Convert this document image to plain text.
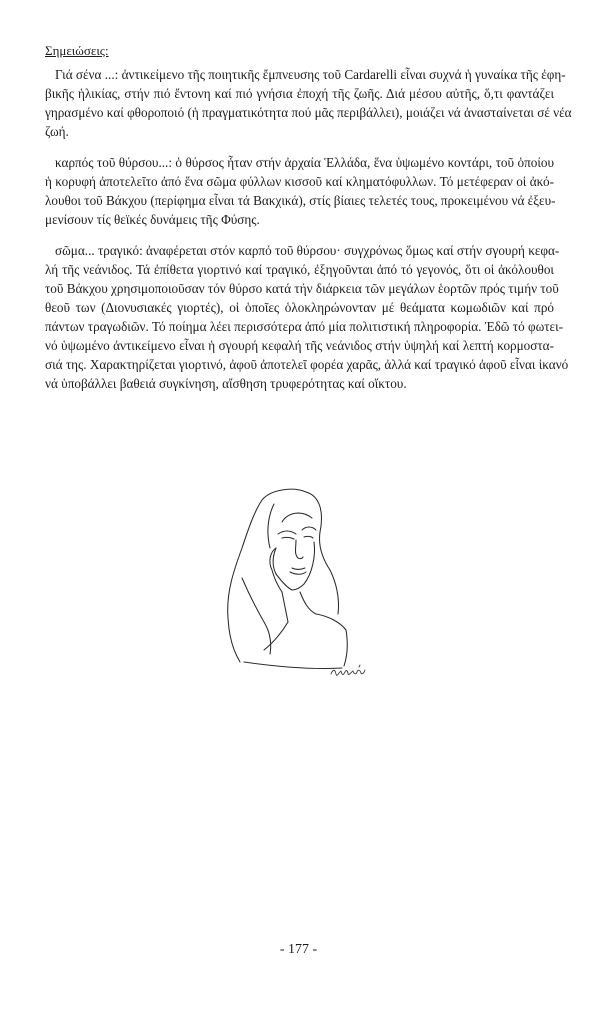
Σημειώσεις:
Γιά σένα ...: ἀντικείμενο τῆς ποιητικῆς ἔμπνευσης τοῦ Cardarelli εἶναι συχνά ἡ γυναίκα τῆς ἐφη-
βικῆς ἡλικίας, στήν πιό ἔντονη καί πιό γνήσια ἐποχή τῆς ζωῆς. Διά μέσου αὐτῆς, ὅ,τι φαντάζει
γηρασμένο καί φθοροποιό (ἡ πραγματικότητα πού μᾶς περιβάλλει), μοιάζει νά ἀνασταίνεται σέ νέα
ζωή.
καρπός τοῦ θύρσου...: ὁ θύρσος ἦταν στήν ἀρχαία Ἑλλάδα, ἕνα ὑψωμένο κοντάρι, τοῦ ὁποίου
ἡ κορυφή ἀποτελεῖτο ἀπό ἕνα σῶμα φύλλων κισσοῦ καί κληματόφυλλων. Τό μετέφεραν οἱ ἀκό-
λουθοι τοῦ Βάκχου (περίφημα εἶναι τά Βακχικά), στίς βίαιες τελετές τους, προκειμένου νά ἐξευ-
μενίσουν τίς θεϊκές δυνάμεις τῆς Φύσης.
σῶμα... τραγικό: ἀναφέρεται στόν καρπό τοῦ θύρσου· συγχρόνως ὅμως καί στήν σγουρή κεφα-
λή τῆς νεάνιδος. Τά ἐπίθετα γιορτινό καί τραγικό, ἐξηγοῦνται ἀπό τό γεγονός, ὅτι οἱ ἀκόλουθοι
τοῦ Βάκχου χρησιμοποιοῦσαν τόν θύρσο κατά τήν διάρκεια τῶν μεγάλων ἑορτῶν πρός τιμήν τοῦ
θεοῦ των (Διονυσιακές γιορτές), οἱ ὁποῖες ὁλοκληρώνονταν μέ θεάματα κωμωδιῶν καί πρό
πάντων τραγωδιῶν. Τό ποίημα λέει περισσότερα ἀπό μία πολιτιστική πληροφορία. Ἐδῶ τό φωτει-
νό ὑψωμένο ἀντικείμενο εἶναι ἡ σγουρή κεφαλή τῆς νεάνιδος στήν ὑψηλή καί λεπτή κορμοστα-
σιά της. Χαρακτηρίζεται γιορτινό, ἀφοῦ ἀποτελεῖ φορέα χαρᾶς, ἀλλά καί τραγικό ἀφοῦ εἶναι ἱκανό
νά ὑποβάλλει βαθειά συγκίνηση, αἴσθηση τρυφερότητας καί οἴκτου.
- 177 -
